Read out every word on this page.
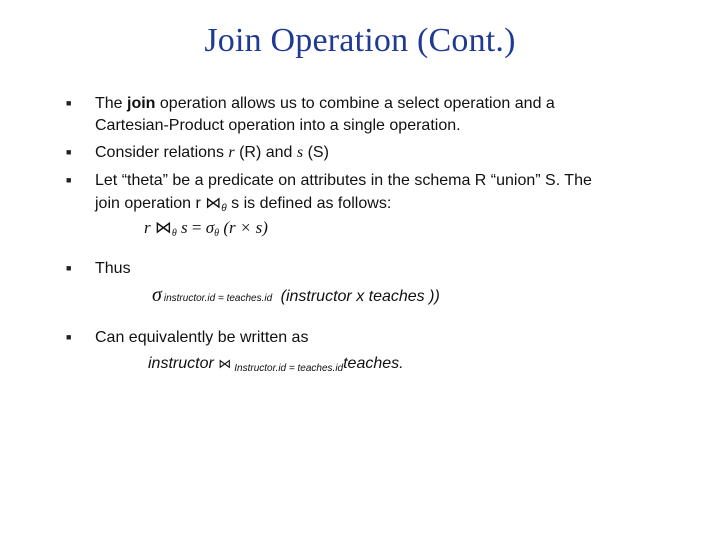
Join Operation (Cont.)
■ The join operation allows us to combine a select operation and a
Cartesian-Product operation into a single operation.
■ Consider relations r (R) and s (S)
■ Let “theta” be a predicate on attributes in the schema R “union” S. The
join operation r $⋈_\theta$ s is defined as follows:
r $⋈_\theta$ $s = \sigma_\theta$ (r × s)
■ Thus
σinstructor.id = teaches.id (instructor x teaches ))
■ Can equivalently be written as
instructor ⋈ Instructor.id = teaches.idteaches.
